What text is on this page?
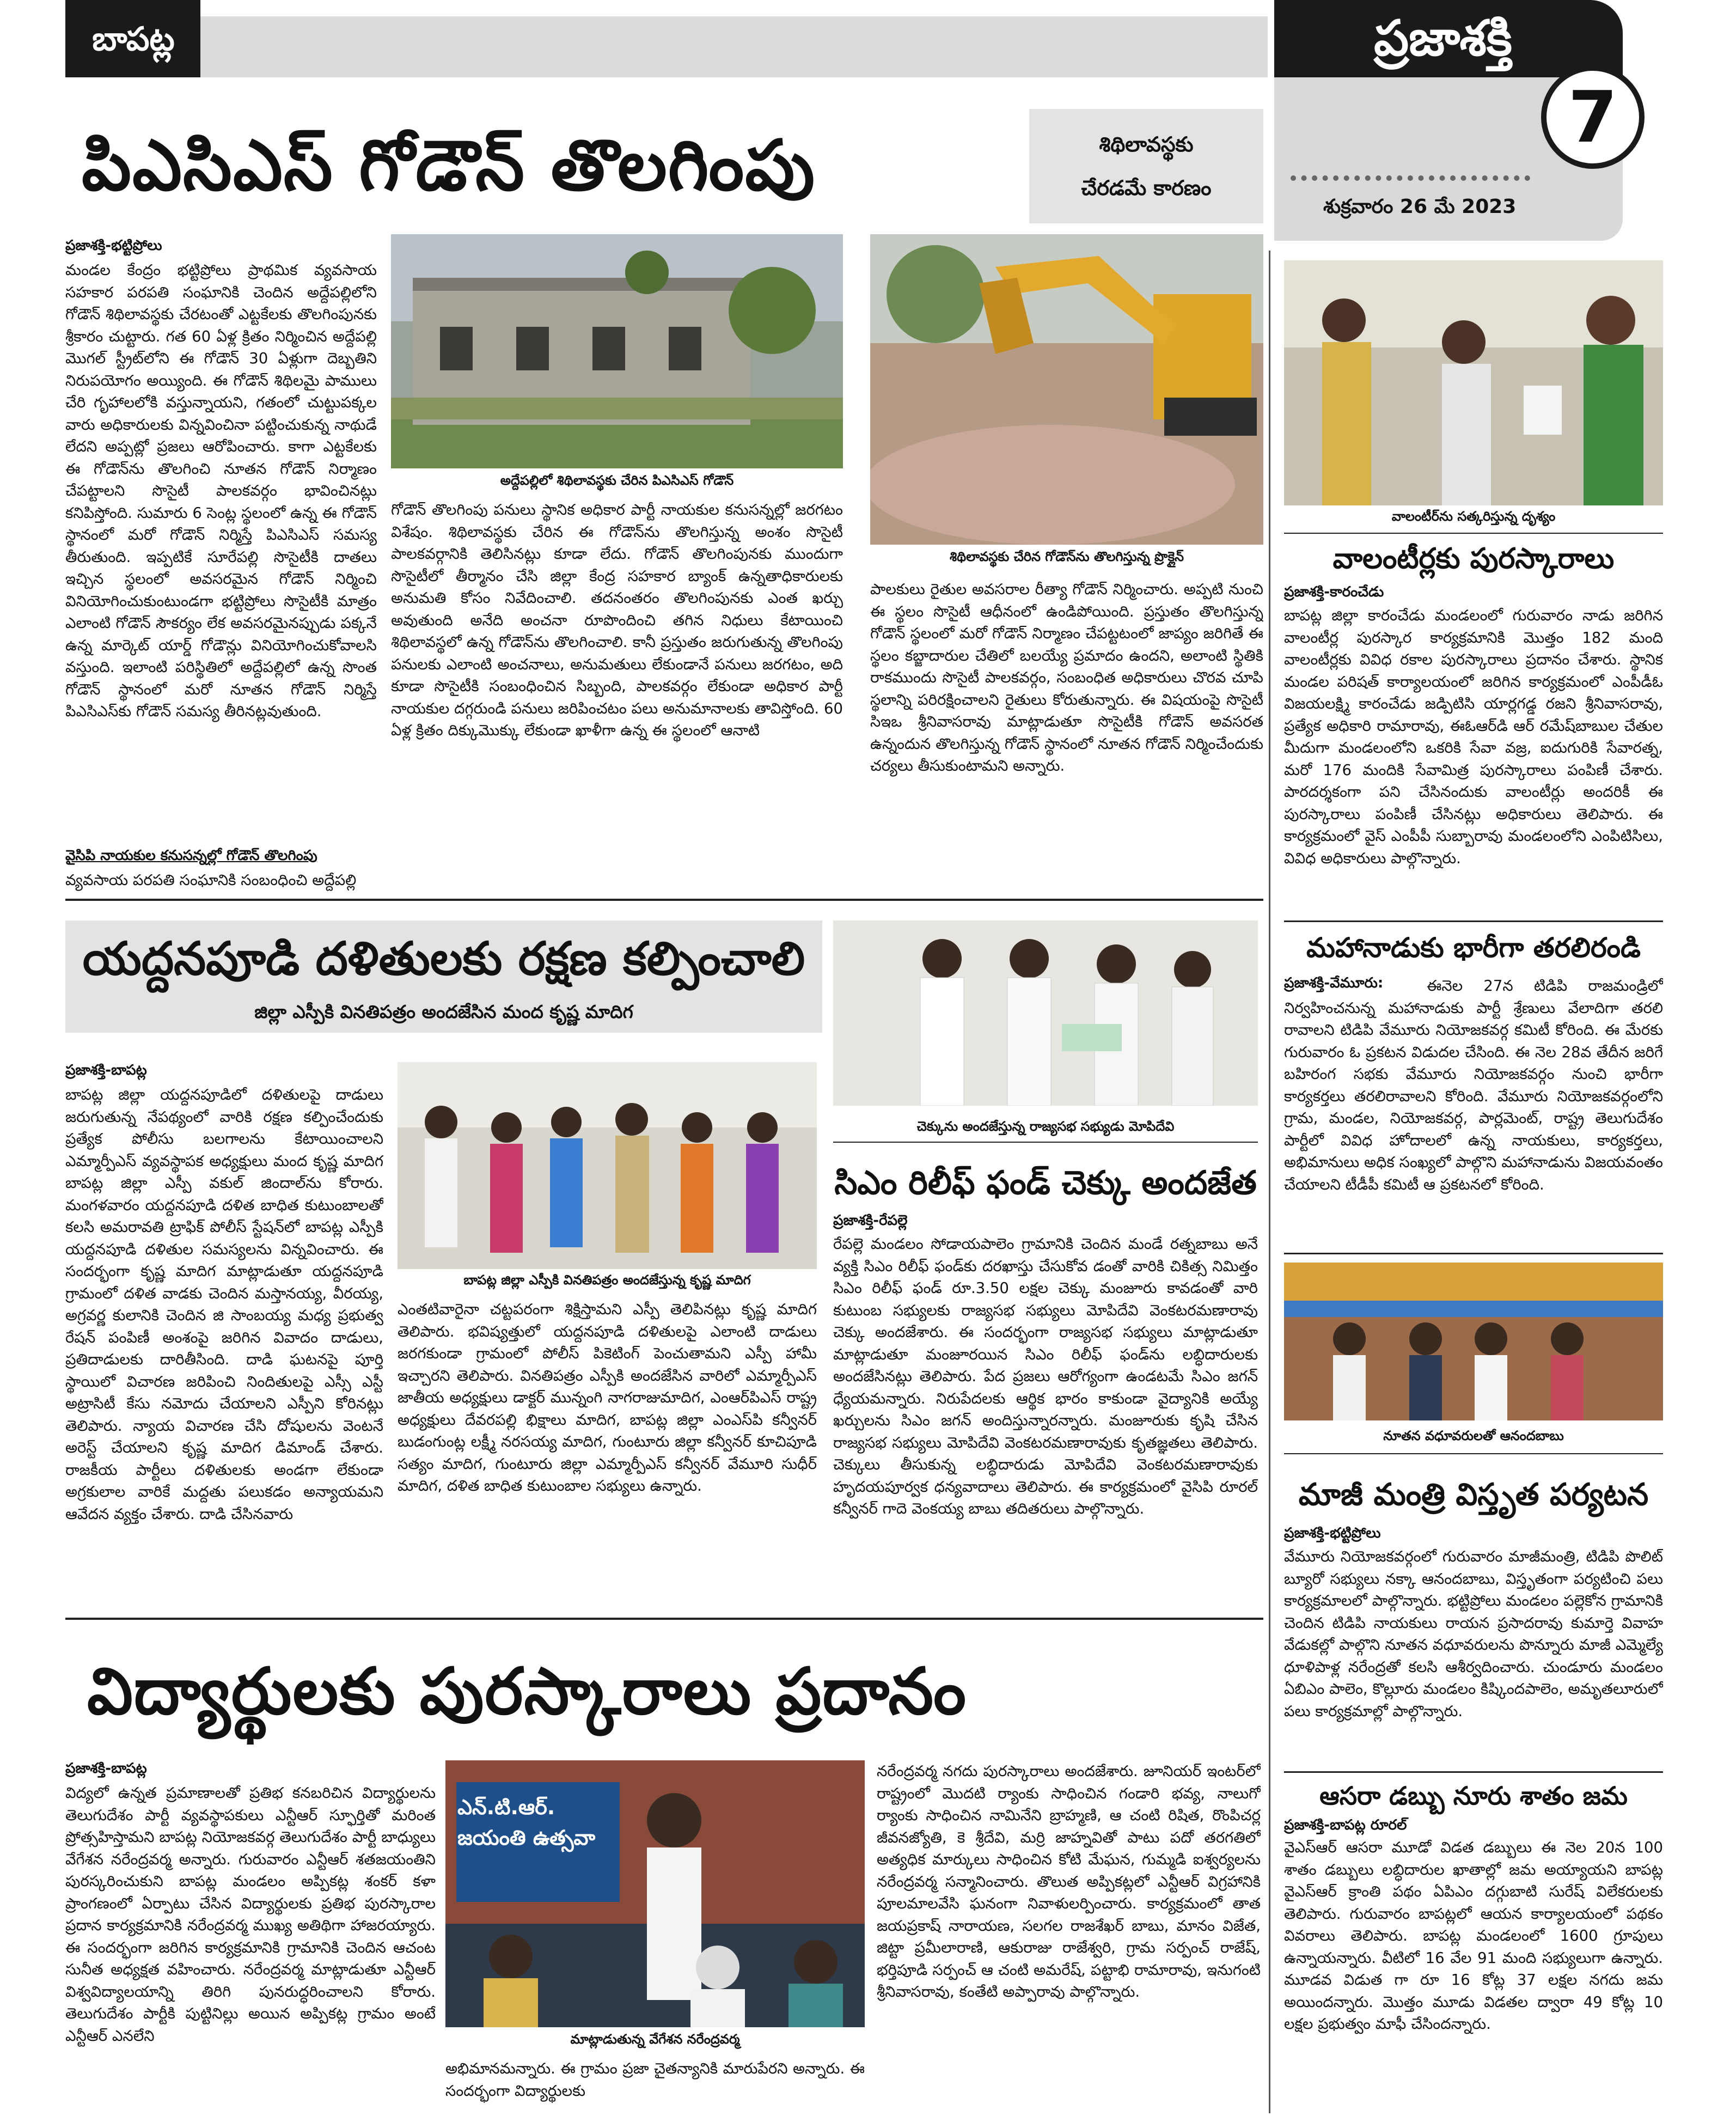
బాపట్ల	ప్రజాశక్తి
7
శుక్రవారం 26 మే 2023
పిఎసిఎస్ గోడౌన్ తొలగింపు	శిథిలావస్థకు
చేరడమే కారణం
ప్రజాశక్తి-భట్టిప్రోలు
మండల కేంద్రం భట్టిప్రోలు ప్రాథమిక వ్యవసాయ సహకార పరపతి సంఘానికి చెందిన అద్దేపల్లిలోని గోడౌన్ శిథిలావస్థకు చేరటంతో ఎట్టకేలకు తొలగింపునకు శ్రీకారం చుట్టారు. గత 60 ఏళ్ల క్రితం నిర్మించిన అద్దేపల్లి మొగల్ స్ట్రీట్‌లోని ఈ గోడౌన్ 30 ఏళ్లుగా దెబ్బతిని నిరుపయోగం అయ్యింది. ఈ గోడౌన్ శిథిలమై పాములు చేరి గృహాలలోకి వస్తున్నాయని, గతంలో చుట్టుపక్కల వారు అధికారులకు విన్నవించినా పట్టించుకున్న నాథుడే లేదని అప్పట్లో ప్రజలు ఆరోపించారు. కాగా ఎట్టకేలకు ఈ గోడౌన్‌ను తొలగించి నూతన గోడౌన్ నిర్మాణం చేపట్టాలని సొసైటీ పాలకవర్గం భావించినట్లు కనిపిస్తోంది. సుమారు 6 సెంట్ల స్థలంలో ఉన్న ఈ గోడౌన్ స్థానంలో మరో గోడౌన్ నిర్మిస్తే పిఎసిఎస్ సమస్య తీరుతుంది. ఇప్పటికే సూరేపల్లి సొసైటీకి దాతలు ఇచ్చిన స్థలంలో అవసరమైన గోడౌన్ నిర్మించి వినియోగించుకుంటుండగా భట్టిప్రోలు సొసైటీకి మాత్రం ఎలాంటి గోడౌన్ సౌకర్యం లేక అవసరమైనప్పుడు పక్కనే ఉన్న మార్కెట్ యార్డ్ గోడౌన్లు వినియోగించుకోవాలసి వస్తుంది. ఇలాంటి పరిస్థితిలో అద్దేపల్లిలో ఉన్న సొంత గోడౌన్ స్థానంలో మరో నూతన గోడౌన్ నిర్మిస్తే పిఎసిఎస్‌కు గోడౌన్ సమస్య తీరినట్లవుతుంది.
వైసిపి నాయకుల కనుసన్నల్లో గోడౌన్ తొలగింపు
వ్యవసాయ పరపతి సంఘానికి సంబంధించి అద్దేపల్లి
అద్దేపల్లిలో శిథిలావస్థకు చేరిన పిఎసిఎస్ గోడౌన్
గోడౌన్ తొలగింపు పనులు స్థానిక అధికార పార్టీ నాయకుల కనుసన్నల్లో జరగటం విశేషం. శిథిలావస్థకు చేరిన ఈ గోడౌన్‌ను తొలగిస్తున్న అంశం సొసైటీ పాలకవర్గానికి తెలిసినట్లు కూడా లేదు. గోడౌన్ తొలగింపునకు ముందుగా సొసైటీలో తీర్మానం చేసి జిల్లా కేంద్ర సహకార బ్యాంక్ ఉన్నతాధికారులకు అనుమతి కోసం నివేదించాలి. తదనంతరం తొలగింపునకు ఎంత ఖర్చు అవుతుంది అనేది అంచనా రూపొందించి తగిన నిధులు కేటాయించి శిథిలావస్థలో ఉన్న గోడౌన్‌ను తొలగించాలి. కానీ ప్రస్తుతం జరుగుతున్న తొలగింపు పనులకు ఎలాంటి అంచనాలు, అనుమతులు లేకుండానే పనులు జరగటం, అది కూడా సొసైటీకి సంబంధించిన సిబ్బంది, పాలకవర్గం లేకుండా అధికార పార్టీ నాయకుల దగ్గరుండి పనులు జరిపించటం పలు అనుమానాలకు తావిస్తోంది. 60 ఏళ్ల క్రితం దిక్కుమొక్కు లేకుండా ఖాళీగా ఉన్న ఈ స్థలంలో ఆనాటి
శిథిలావస్థకు చేరిన గోడౌన్‌ను తొలగిస్తున్న ప్రొక్లైన్
పాలకులు రైతుల అవసరాల రీత్యా గోడౌన్ నిర్మించారు. అప్పటి నుంచి ఈ స్థలం సొసైటీ ఆధీనంలో ఉండిపోయింది. ప్రస్తుతం తొలగిస్తున్న గోడౌన్ స్థలంలో మరో గోడౌన్ నిర్మాణం చేపట్టటంలో జాప్యం జరిగితే ఈ స్థలం కబ్జాదారుల చేతిలో బలయ్యే ప్రమాదం ఉందని, అలాంటి స్థితికి రాకముందు సొసైటీ పాలకవర్గం, సంబంధిత అధికారులు చొరవ చూపి స్థలాన్ని పరిరక్షించాలని రైతులు కోరుతున్నారు. ఈ విషయంపై సొసైటీ సిఇఒ శ్రీనివాసరావు మాట్లాడుతూ సొసైటీకి గోడౌన్ అవసరత ఉన్నందున తొలగిస్తున్న గోడౌన్ స్థానంలో నూతన గోడౌన్ నిర్మించేందుకు చర్యలు తీసుకుంటామని అన్నారు.
వాలంటీర్‌ను సత్కరిస్తున్న దృశ్యం
వాలంటీర్లకు పురస్కారాలు
ప్రజాశక్తి-కారంచేడు
బాపట్ల జిల్లా కారంచేడు మండలంలో గురువారం నాడు జరిగిన వాలంటీర్ల పురస్కార కార్యక్రమానికి మొత్తం 182 మంది వాలంటీర్లకు వివిధ రకాల పురస్కారాలు ప్రదానం చేశారు. స్థానిక మండల పరిషత్ కార్యాలయంలో జరిగిన కార్యక్రమంలో ఎంపీడీఓ విజయలక్ష్మి కారంచేడు జడ్పిటిసి యార్లగడ్డ రజని శ్రీనివాసరావు, ప్రత్యేక అధికారి రామారావు, ఈఓఆర్‌డి ఆర్ రమేష్‌బాబుల చేతుల మీదుగా మండలంలోని ఒకరికి సేవా వజ్ర, ఐదుగురికి సేవారత్న, మరో 176 మందికి సేవామిత్ర పురస్కారాలు పంపిణీ చేశారు. పారదర్శకంగా పని చేసినందుకు వాలంటీర్లు అందరికీ ఈ పురస్కారాలు పంపిణీ చేసినట్లు అధికారులు తెలిపారు. ఈ కార్యక్రమంలో వైస్ ఎంపీపీ సుబ్బారావు మండలంలోని ఎంపిటిసిలు, వివిధ అధికారులు పాల్గొన్నారు.
మహానాడుకు భారీగా తరలిరండి
ప్రజాశక్తి-వేమూరు:	ఈనెల 27న టిడిపి రాజమండ్రిలో నిర్వహించనున్న మహానాడుకు పార్టీ శ్రేణులు వేలాదిగా తరలి రావాలని టిడిపి వేమూరు నియోజకవర్గ కమిటీ కోరింది. ఈ మేరకు గురువారం ఓ ప్రకటన విడుదల చేసింది. ఈ నెల 28వ తేదీన జరిగే బహిరంగ సభకు వేమూరు నియోజకవర్గం నుంచి భారీగా కార్యకర్తలు తరలిరావాలని కోరింది. వేమూరు నియోజకవర్గంలోని గ్రామ, మండల, నియోజకవర్గ, పార్లమెంట్, రాష్ట్ర తెలుగుదేశం పార్టీలో వివిధ హోదాలలో ఉన్న నాయకులు, కార్యకర్తలు, అభిమానులు అధిక సంఖ్యలో పాల్గొని మహానాడును విజయవంతం చేయాలని టీడీపీ కమిటీ ఆ ప్రకటనలో కోరింది.
నూతన వధూవరులతో ఆనందబాబు
మాజీ మంత్రి విస్తృత పర్యటన
ప్రజాశక్తి-భట్టిప్రోలు
వేమూరు నియోజకవర్గంలో గురువారం మాజీమంత్రి, టిడిపి పొలిట్ బ్యూరో సభ్యులు నక్కా ఆనందబాబు, విస్తృతంగా పర్యటించి పలు కార్యక్రమాలలో పాల్గొన్నారు. భట్టిప్రోలు మండలం పల్లెకోన గ్రామానికి చెందిన టిడిపి నాయకులు రాయన ప్రసాదరావు కుమార్తె వివాహ వేడుకల్లో పాల్గొని నూతన వధూవరులను పొన్నూరు మాజీ ఎమ్మెల్యే ధూళిపాళ్ల నరేంద్రతో కలసి ఆశీర్వదించారు. చుండూరు మండలం ఏబిఎం పాలెం, కొల్లూరు మండలం కిష్కిందపాలెం, అమృతలూరులో పలు కార్యక్రమాల్లో పాల్గొన్నారు.
ఆసరా డబ్బు నూరు శాతం జమ
ప్రజాశక్తి-బాపట్ల రూరల్
వైఎస్‌ఆర్ ఆసరా మూడో విడత డబ్బులు ఈ నెల 20న 100 శాతం డబ్బులు లబ్ధిదారుల ఖాతాల్లో జమ అయ్యాయని బాపట్ల వైఎస్‌ఆర్ క్రాంతి పథం ఏపిఎం దగ్గుబాటి సురేష్ విలేకరులకు తెలిపారు. గురువారం బాపట్లలో ఆయన కార్యాలయంలో పథకం వివరాలు తెలిపారు. బాపట్ల మండలంలో 1600 గ్రూపులు ఉన్నాయన్నారు. వీటిలో 16 వేల 91 మంది సభ్యులుగా ఉన్నారు. మూడవ విడుత గా రూ 16 కోట్ల 37 లక్షల నగదు జమ అయిందన్నారు. మొత్తం మూడు విడతల ద్వారా 49 కోట్ల 10 లక్షల ప్రభుత్వం మాఫీ చేసిందన్నారు.
యద్దనపూడి దళితులకు రక్షణ కల్పించాలి
జిల్లా ఎస్పీకి వినతిపత్రం అందజేసిన మంద కృష్ణ మాదిగ
ప్రజాశక్తి-బాపట్ల
బాపట్ల జిల్లా యద్దనపూడిలో దళితులపై దాడులు జరుగుతున్న నేపథ్యంలో వారికి రక్షణ కల్పించేందుకు ప్రత్యేక పోలీసు బలగాలను కేటాయించాలని ఎమ్మార్పీఎస్ వ్యవస్థాపక అధ్యక్షులు మంద కృష్ణ మాదిగ బాపట్ల జిల్లా ఎస్పీ వకుల్ జిందాల్‌ను కోరారు. మంగళవారం యద్దనపూడి దళిత బాధిత కుటుంబాలతో కలసి అమరావతి ట్రాఫిక్ పోలీస్ స్టేషన్‌లో బాపట్ల ఎస్పీకి యద్దనపూడి దళితుల సమస్యలను విన్నవించారు. ఈ సందర్భంగా కృష్ణ మాదిగ మాట్లాడుతూ యద్దనపూడి గ్రామంలో దళిత వాడకు చెందిన మస్తానయ్య, వీరయ్య, అగ్రవర్ణ కులానికి చెందిన జి సాంబయ్య మధ్య ప్రభుత్వ రేషన్ పంపిణీ అంశంపై జరిగిన వివాదం దాడులు, ప్రతిదాడులకు దారితీసింది. దాడి ఘటనపై పూర్తి స్థాయిలో విచారణ జరిపించి నిందితులపై ఎస్సీ ఎస్టీ అట్రాసిటీ కేసు నమోదు చేయాలని ఎస్పీని కోరినట్లు తెలిపారు. న్యాయ విచారణ చేసి దోషులను వెంటనే అరెస్ట్ చేయాలని కృష్ణ మాదిగ డిమాండ్ చేశారు. రాజకీయ పార్టీలు దళితులకు అండగా లేకుండా అగ్రకులాల వారికే మద్దతు పలుకడం అన్యాయమని ఆవేదన వ్యక్తం చేశారు. దాడి చేసినవారు
బాపట్ల జిల్లా ఎస్పీకి వినతిపత్రం అందజేస్తున్న కృష్ణ మాదిగ
ఎంతటివారైనా చట్టపరంగా శిక్షిస్తామని ఎస్పీ తెలిపినట్లు కృష్ణ మాదిగ తెలిపారు. భవిష్యత్తులో యద్దనపూడి దళితులపై ఎలాంటి దాడులు జరగకుండా గ్రామంలో పోలీస్ పికెటింగ్ పెంచుతామని ఎస్పీ హామీ ఇచ్చారని తెలిపారు. వినతిపత్రం ఎస్పీకి అందజేసిన వారిలో ఎమ్మార్పీఎస్ జాతీయ అధ్యక్షులు డాక్టర్ మున్నంగి నాగరాజుమాదిగ, ఎంఆర్‌పిఎస్ రాష్ట్ర అధ్యక్షులు దేవరపల్లి భిక్షాలు మాదిగ, బాపట్ల జిల్లా ఎంఎస్‌పి కన్వీనర్ బుడంగుంట్ల లక్ష్మీ నరసయ్య మాదిగ, గుంటూరు జిల్లా కన్వీనర్ కూచిపూడి సత్యం మాదిగ, గుంటూరు జిల్లా ఎమ్మార్పీఎస్ కన్వీనర్ వేమూరి సుధీర్ మాదిగ, దళిత బాధిత కుటుంబాల సభ్యులు ఉన్నారు.
చెక్కును అందజేస్తున్న రాజ్యసభ సభ్యుడు మోపిదేవి
సిఎం రిలీఫ్ ఫండ్ చెక్కు అందజేత
ప్రజాశక్తి-రేపల్లె
రేపల్లె మండలం సోడాయపాలెం గ్రామానికి చెందిన మండే రత్నబాబు అనే వ్యక్తి సిఎం రిలీఫ్ ఫండ్‌కు దరఖాస్తు చేసుకోవ డంతో వారికి చికిత్స నిమిత్తం సిఎం రిలీఫ్ ఫండ్ రూ.3.50 లక్షల చెక్కు మంజూరు కావడంతో వారి కుటుంబ సభ్యులకు రాజ్యసభ సభ్యులు మోపిదేవి వెంకటరమణారావు చెక్కు అందజేశారు. ఈ సందర్భంగా రాజ్యసభ సభ్యులు మాట్లాడుతూ మాట్లాడుతూ మంజూరయిన సిఎం రిలీఫ్ ఫండ్‌ను లబ్ధిదారులకు అందజేసినట్లు తెలిపారు. పేద ప్రజలు ఆరోగ్యంగా ఉండటమే సిఎం జగన్ ధ్యేయమన్నారు. నిరుపేదలకు ఆర్థిక భారం కాకుండా వైద్యానికి అయ్యే ఖర్చులను సిఎం జగన్ అందిస్తున్నారన్నారు. మంజూరుకు కృషి చేసిన రాజ్యసభ సభ్యులు మోపిదేవి వెంకటరమణారావుకు కృతజ్ఞతలు తెలిపారు. చెక్కులు తీసుకున్న లబ్ధిదారుడు మోపిదేవి వెంకటరమణారావుకు హృదయపూర్వక ధన్యవాదాలు తెలిపారు. ఈ కార్యక్రమంలో వైసిపి రూరల్ కన్వీనర్ గాదె వెంకయ్య బాబు తదితరులు పాల్గొన్నారు.
విద్యార్థులకు పురస్కారాలు ప్రదానం
ప్రజాశక్తి-బాపట్ల
విద్యలో ఉన్నత ప్రమాణాలతో ప్రతిభ కనబరిచిన విద్యార్థులను తెలుగుదేశం పార్టీ వ్యవస్థాపకులు ఎన్టీఆర్ స్ఫూర్తితో మరింత ప్రోత్సహిస్తామని బాపట్ల నియోజకవర్గ తెలుగుదేశం పార్టీ బాధ్యులు వేగేశన నరేంద్రవర్మ అన్నారు. గురువారం ఎన్టీఆర్ శతజయంతిని పురస్కరించుకుని బాపట్ల మండలం అప్పికట్ల శంకర్ కళా ప్రాంగణంలో ఏర్పాటు చేసిన విద్యార్థులకు ప్రతిభ పురస్కారాల ప్రదాన కార్యక్రమానికి నరేంద్రవర్మ ముఖ్య అతిథిగా హాజరయ్యారు. ఈ సందర్భంగా జరిగిన కార్యక్రమానికి గ్రామానికి చెందిన ఆచంట సునీత అధ్యక్షత వహించారు. నరేంద్రవర్మ మాట్లాడుతూ ఎన్టీఆర్ విశ్వవిద్యాలయాన్ని తిరిగి పునరుద్ధరించాలని కోరారు. తెలుగుదేశం పార్టీకి పుట్టినిల్లు అయిన అప్పికట్ల గ్రామం అంటే ఎన్టీఆర్ ఎనలేని
ఎన్.టి.ఆర్. జయంతి ఉత్సవా
మాట్లాడుతున్న వేగేశన నరేంద్రవర్మ
అభిమానమన్నారు. ఈ గ్రామం ప్రజా చైతన్యానికి మారుపేరని అన్నారు. ఈ సందర్భంగా విద్యార్థులకు
నరేంద్రవర్మ నగదు పురస్కారాలు అందజేశారు. జూనియర్ ఇంటర్‌లో రాష్ట్రంలో మొదటి ర్యాంకు సాధించిన గండారి భవ్య, నాలుగో ర్యాంకు సాధించిన నామినేని బ్రాహ్మణి, ఆ చంటి రిషిత, రొంపిచర్ల జీవనజ్యోతి, కె శ్రీదేవి, మర్రి జాహ్నవితో పాటు పదో తరగతిలో అత్యధిక మార్కులు సాధించిన కోటి మేఘన, గుమ్మడి ఐశ్వర్యలను నరేంద్రవర్మ సన్మానించారు. తొలుత అప్పికట్లలో ఎన్టీఆర్ విగ్రహానికి పూలమాలవేసి ఘనంగా నివాళులర్పించారు. కార్యక్రమంలో తాత జయప్రకాష్ నారాయణ, సలగల రాజశేఖర్ బాబు, మానం విజేత, జిట్టా ప్రమీలారాణి, ఆకురాజు రాజేశ్వరి, గ్రామ సర్పంచ్ రాజేష్, భర్తిపూడి సర్పంచ్ ఆ చంటి అమరేష్, పట్టాభి రామారావు, ఇనుగంటి శ్రీనివాసరావు, కంతేటి అప్పారావు పాల్గొన్నారు.
